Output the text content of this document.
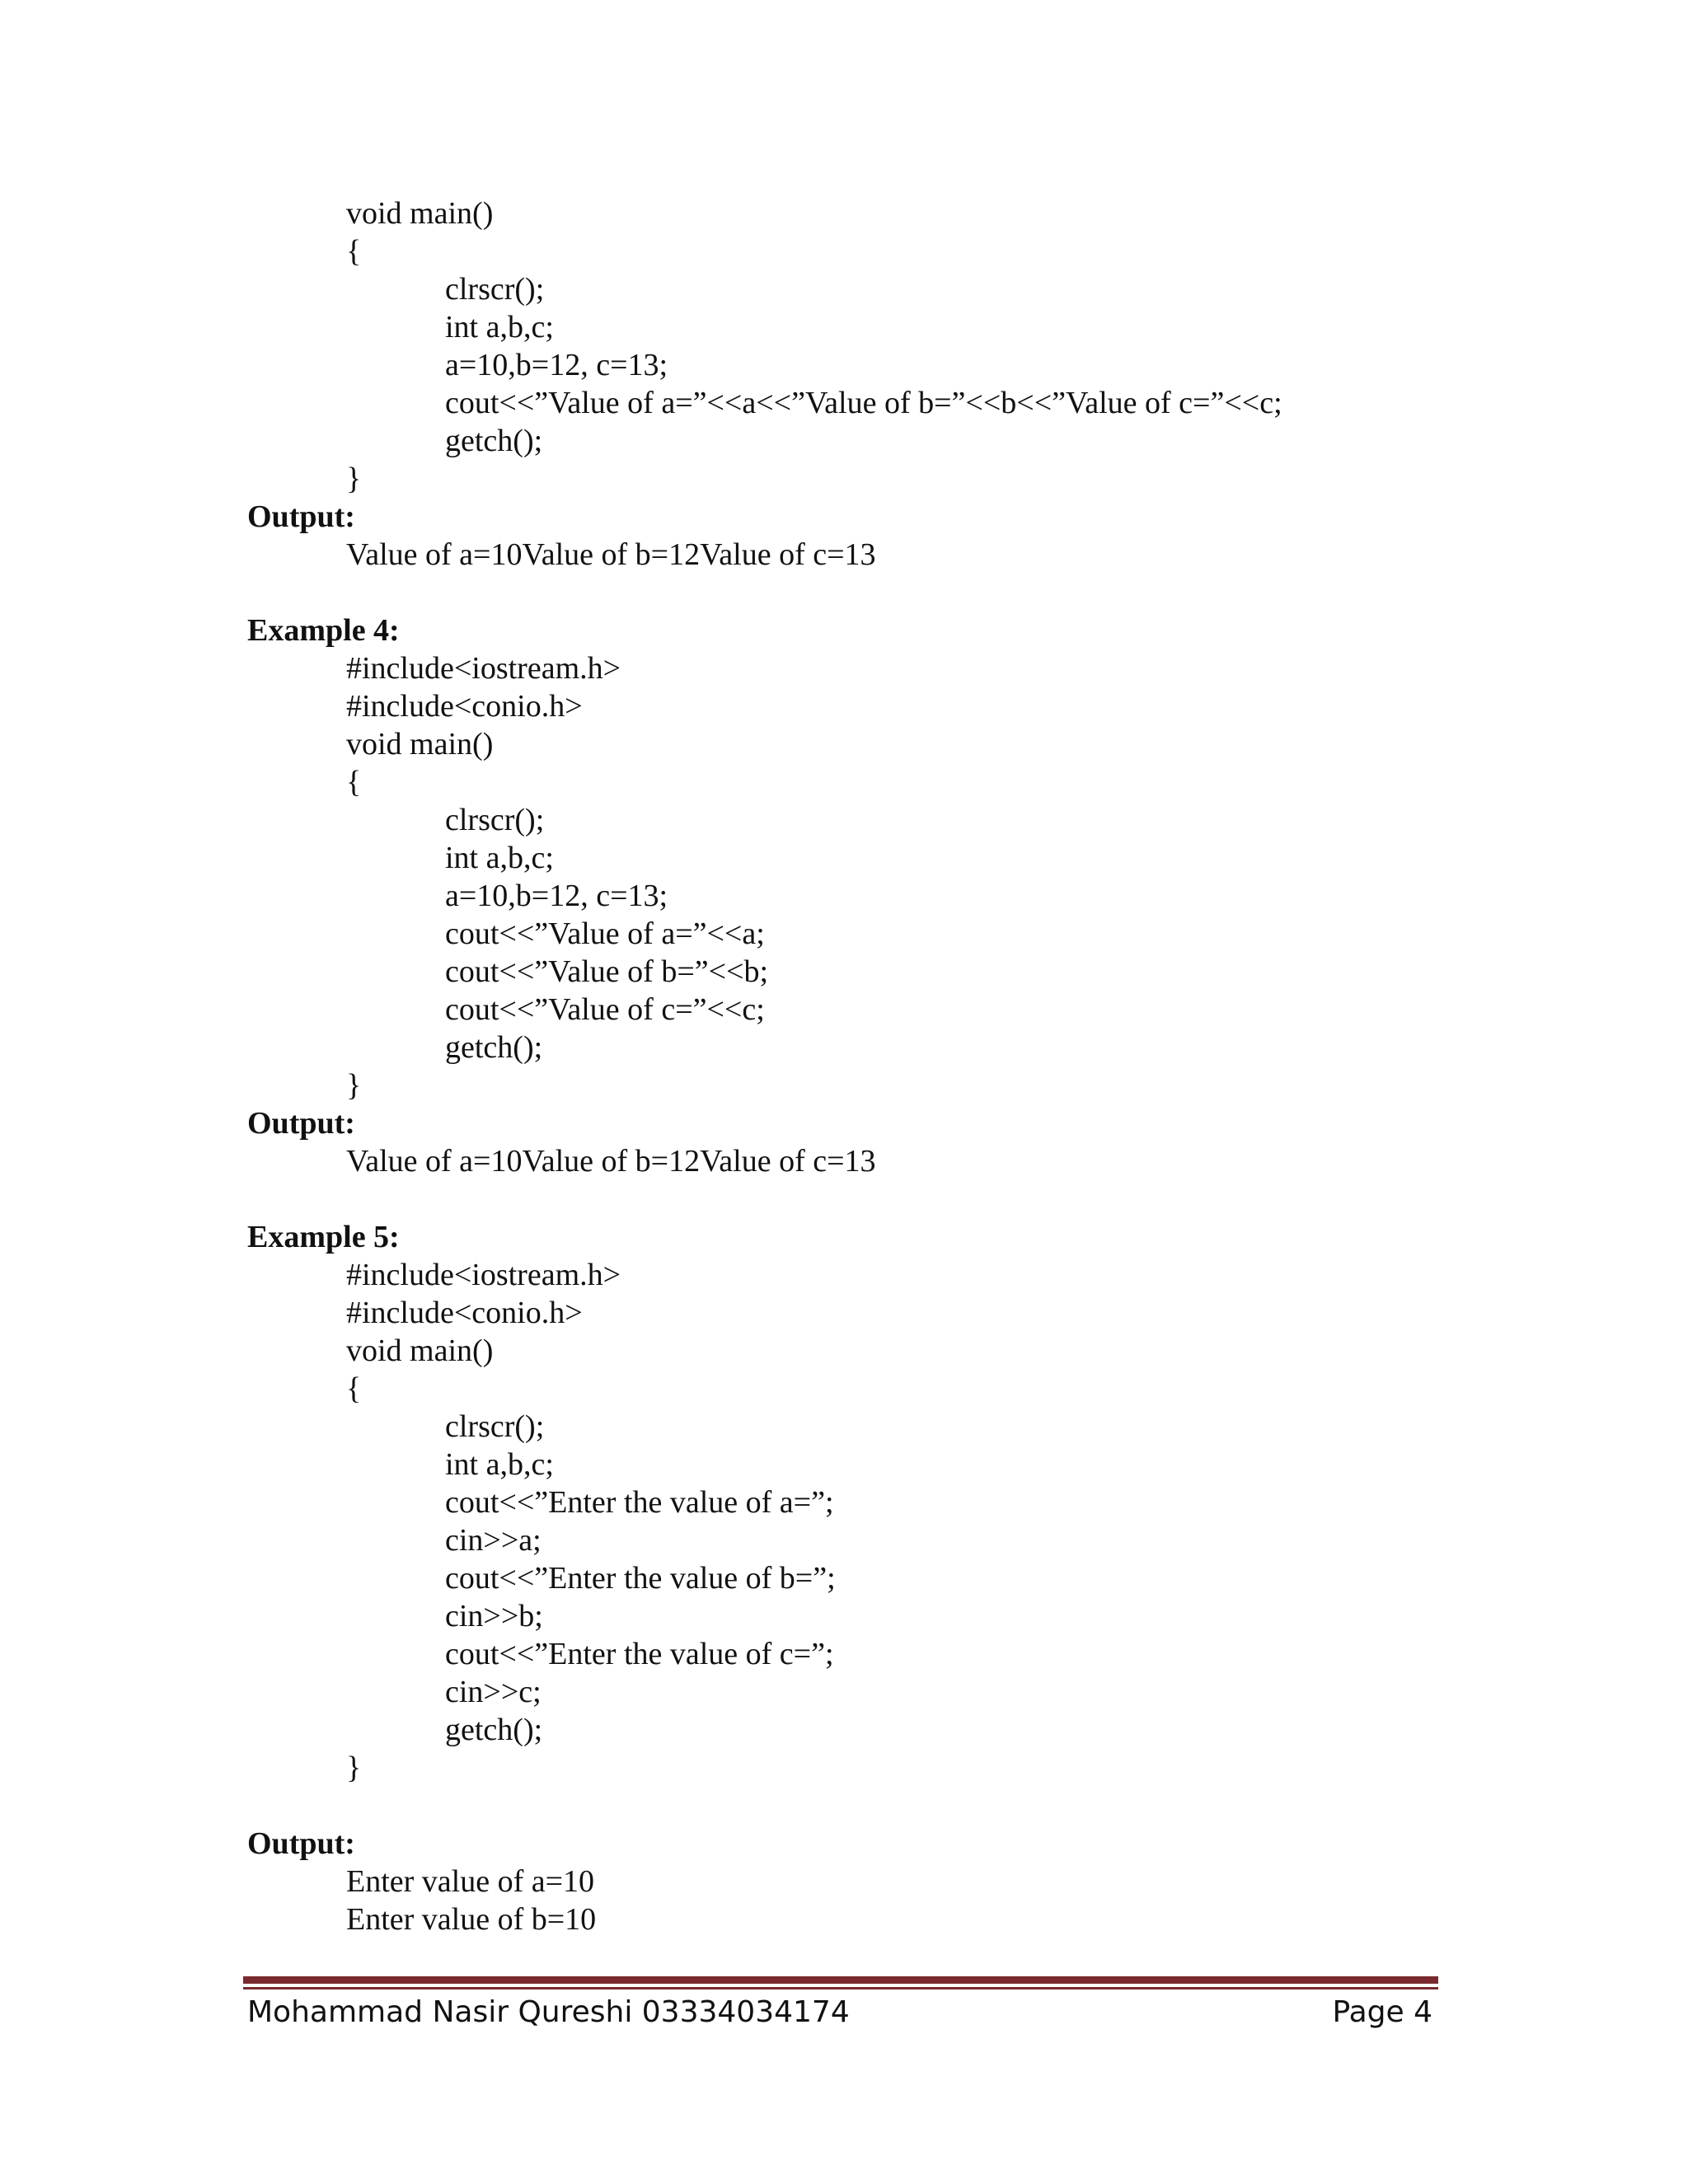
void main()
{
clrscr();
int a,b,c;
a=10,b=12, c=13;
cout<<”Value of a=”<<a<<”Value of b=”<<b<<”Value of c=”<<c;
getch();
}
Output:
Value of a=10Value of b=12Value of c=13
Example 4:
#include<iostream.h>
#include<conio.h>
void main()
{
clrscr();
int a,b,c;
a=10,b=12, c=13;
cout<<”Value of a=”<<a;
cout<<”Value of b=”<<b;
cout<<”Value of c=”<<c;
getch();
}
Output:
Value of a=10Value of b=12Value of c=13
Example 5:
#include<iostream.h>
#include<conio.h>
void main()
{
clrscr();
int a,b,c;
cout<<”Enter the value of a=”;
cin>>a;
cout<<”Enter the value of b=”;
cin>>b;
cout<<”Enter the value of c=”;
cin>>c;
getch();
}
Output:
Enter value of a=10
Enter value of b=10
Mohammad Nasir Qureshi 03334034174	Page 4
